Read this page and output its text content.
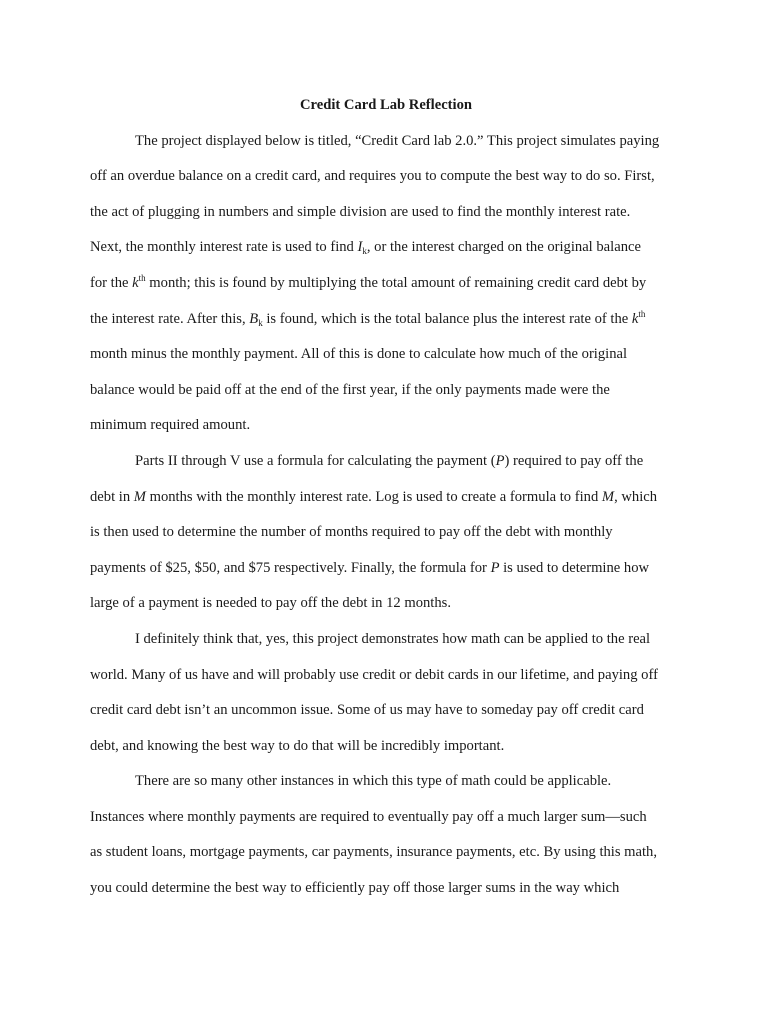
Credit Card Lab Reflection

The project displayed below is titled, “Credit Card lab 2.0.” This project simulates paying
off an overdue balance on a credit card, and requires you to compute the best way to do so. First,
the act of plugging in numbers and simple division are used to find the monthly interest rate.
Next, the monthly interest rate is used to find $I_k$, or the interest charged on the original balance
for the $k^{th}$ month; this is found by multiplying the total amount of remaining credit card debt by
the interest rate. After this, $B_k$ is found, which is the total balance plus the interest rate of the $k^{th}$
month minus the monthly payment. All of this is done to calculate how much of the original
balance would be paid off at the end of the first year, if the only payments made were the
minimum required amount.
Parts II through V use a formula for calculating the payment (P) required to pay off the
debt in M months with the monthly interest rate. Log is used to create a formula to find M, which
is then used to determine the number of months required to pay off the debt with monthly
payments of $25, $50, and $75 respectively. Finally, the formula for P is used to determine how
large of a payment is needed to pay off the debt in 12 months.
I definitely think that, yes, this project demonstrates how math can be applied to the real
world. Many of us have and will probably use credit or debit cards in our lifetime, and paying off
credit card debt isn’t an uncommon issue. Some of us may have to someday pay off credit card
debt, and knowing the best way to do that will be incredibly important.
There are so many other instances in which this type of math could be applicable.
Instances where monthly payments are required to eventually pay off a much larger sum—such
as student loans, mortgage payments, car payments, insurance payments, etc. By using this math,
you could determine the best way to efficiently pay off those larger sums in the way which
